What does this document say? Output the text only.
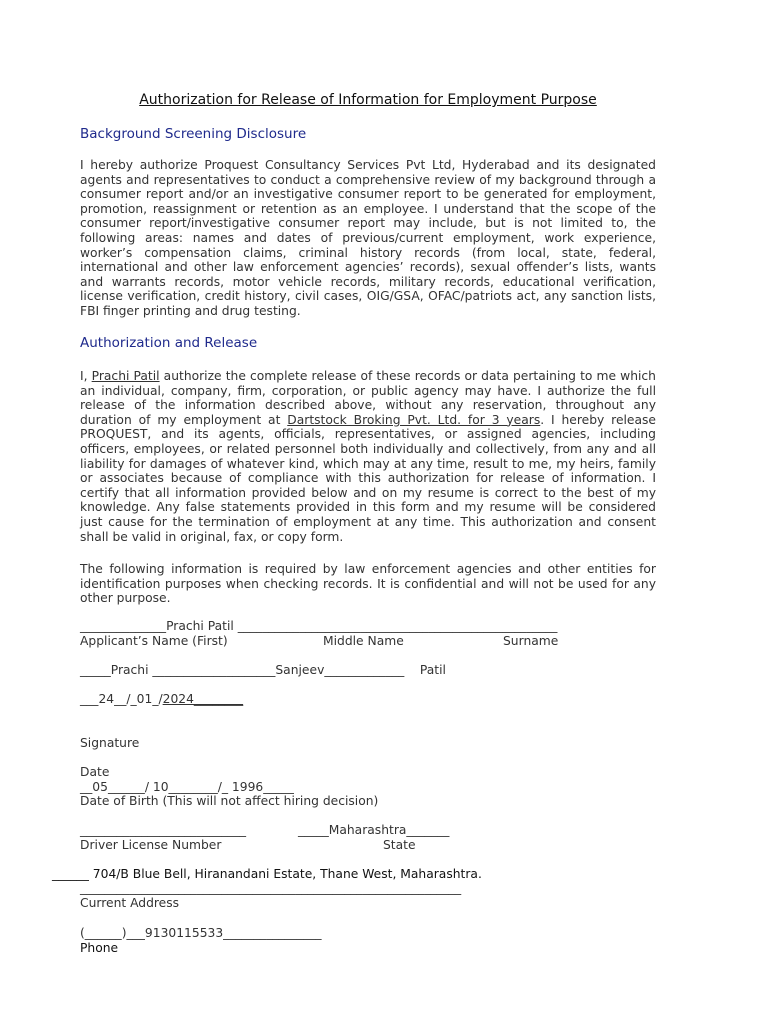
Authorization for Release of Information for Employment Purpose
Background Screening Disclosure
I hereby authorize Proquest Consultancy Services Pvt Ltd, Hyderabad and its designated agents and representatives to conduct a comprehensive review of my background through a consumer report and/or an investigative consumer report to be generated for employment, promotion, reassignment or retention as an employee. I understand that the scope of the consumer report/investigative consumer report may include, but is not limited to, the following areas: names and dates of previous/current employment, work experience, worker’s compensation claims, criminal history records (from local, state, federal, international and other law enforcement agencies’ records), sexual offender’s lists, wants and warrants records, motor vehicle records, military records, educational verification, license verification, credit history, civil cases, OIG/GSA, OFAC/patriots act, any sanction lists, FBI finger printing and drug testing.
Authorization and Release
I, Prachi Patil authorize the complete release of these records or data pertaining to me which an individual, company, firm, corporation, or public agency may have. I authorize the full release of the information described above, without any reservation, throughout any duration of my employment at Dartstock Broking Pvt. Ltd. for 3 years. I hereby release PROQUEST, and its agents, officials, representatives, or assigned agencies, including officers, employees, or related personnel both individually and collectively, from any and all liability for damages of whatever kind, which may at any time, result to me, my heirs, family or associates because of compliance with this authorization for release of information. I certify that all information provided below and on my resume is correct to the best of my knowledge. Any false statements provided in this form and my resume will be considered just cause for the termination of employment at any time. This authorization and consent shall be valid in original, fax, or copy form.
The following information is required by law enforcement agencies and other entities for identification purposes when checking records. It is confidential and will not be used for any other purpose.
______________Prachi Patil ____________________________________________________
Applicant’s Name (First)	Middle Name	Surname
_____Prachi ____________________Sanjeev_____________    Patil
___24__/_01_/2024________
Signature
Date
__05______/ 10________/_ 1996_____
Date of Birth (This will not affect hiring decision)
___________________________	_____Maharashtra_______
Driver License Number	State
______ 704/B Blue Bell, Hiranandani Estate, Thane West, Maharashtra.
______________________________________________________________
Current Address
(______)___9130115533________________
Phone
